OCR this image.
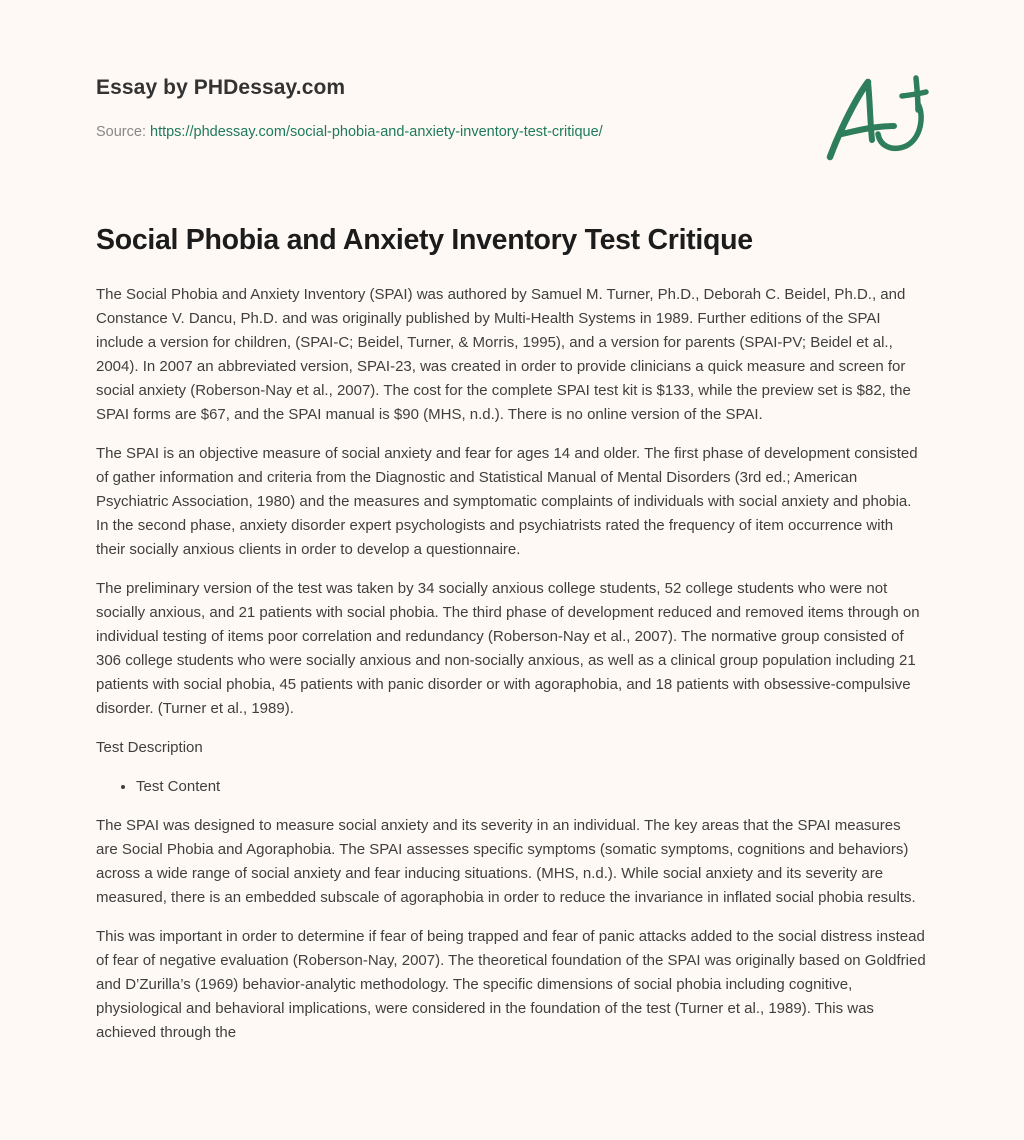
Essay by PHDessay.com
Source: https://phdessay.com/social-phobia-and-anxiety-inventory-test-critique/
Social Phobia and Anxiety Inventory Test Critique

The Social Phobia and Anxiety Inventory (SPAI) was authored by Samuel M. Turner, Ph.D., Deborah C. Beidel, Ph.D., and Constance V. Dancu, Ph.D. and was originally published by Multi-Health Systems in 1989. Further editions of the SPAI include a version for children, (SPAI-C; Beidel, Turner, & Morris, 1995), and a version for parents (SPAI-PV; Beidel et al., 2004). In 2007 an abbreviated version, SPAI-23, was created in order to provide clinicians a quick measure and screen for social anxiety (Roberson-Nay et al., 2007). The cost for the complete SPAI test kit is $133, while the preview set is $82, the SPAI forms are $67, and the SPAI manual is $90 (MHS, n.d.). There is no online version of the SPAI.

The SPAI is an objective measure of social anxiety and fear for ages 14 and older. The first phase of development consisted of gather information and criteria from the Diagnostic and Statistical Manual of Mental Disorders (3rd ed.; American Psychiatric Association, 1980) and the measures and symptomatic complaints of individuals with social anxiety and phobia. In the second phase, anxiety disorder expert psychologists and psychiatrists rated the frequency of item occurrence with their socially anxious clients in order to develop a questionnaire.

The preliminary version of the test was taken by 34 socially anxious college students, 52 college students who were not socially anxious, and 21 patients with social phobia. The third phase of development reduced and removed items through on individual testing of items poor correlation and redundancy (Roberson-Nay et al., 2007). The normative group consisted of 306 college students who were socially anxious and non-socially anxious, as well as a clinical group population including 21 patients with social phobia, 45 patients with panic disorder or with agoraphobia, and 18 patients with obsessive-compulsive disorder. (Turner et al., 1989).

Test Description
• Test Content

The SPAI was designed to measure social anxiety and its severity in an individual. The key areas that the SPAI measures are Social Phobia and Agoraphobia. The SPAI assesses specific symptoms (somatic symptoms, cognitions and behaviors) across a wide range of social anxiety and fear inducing situations. (MHS, n.d.). While social anxiety and its severity are measured, there is an embedded subscale of agoraphobia in order to reduce the invariance in inflated social phobia results.

This was important in order to determine if fear of being trapped and fear of panic attacks added to the social distress instead of fear of negative evaluation (Roberson-Nay, 2007). The theoretical foundation of the SPAI was originally based on Goldfried and D’Zurilla’s (1969) behavior-analytic methodology. The specific dimensions of social phobia including cognitive, physiological and behavioral implications, were considered in the foundation of the test (Turner et al., 1989). This was achieved through the
